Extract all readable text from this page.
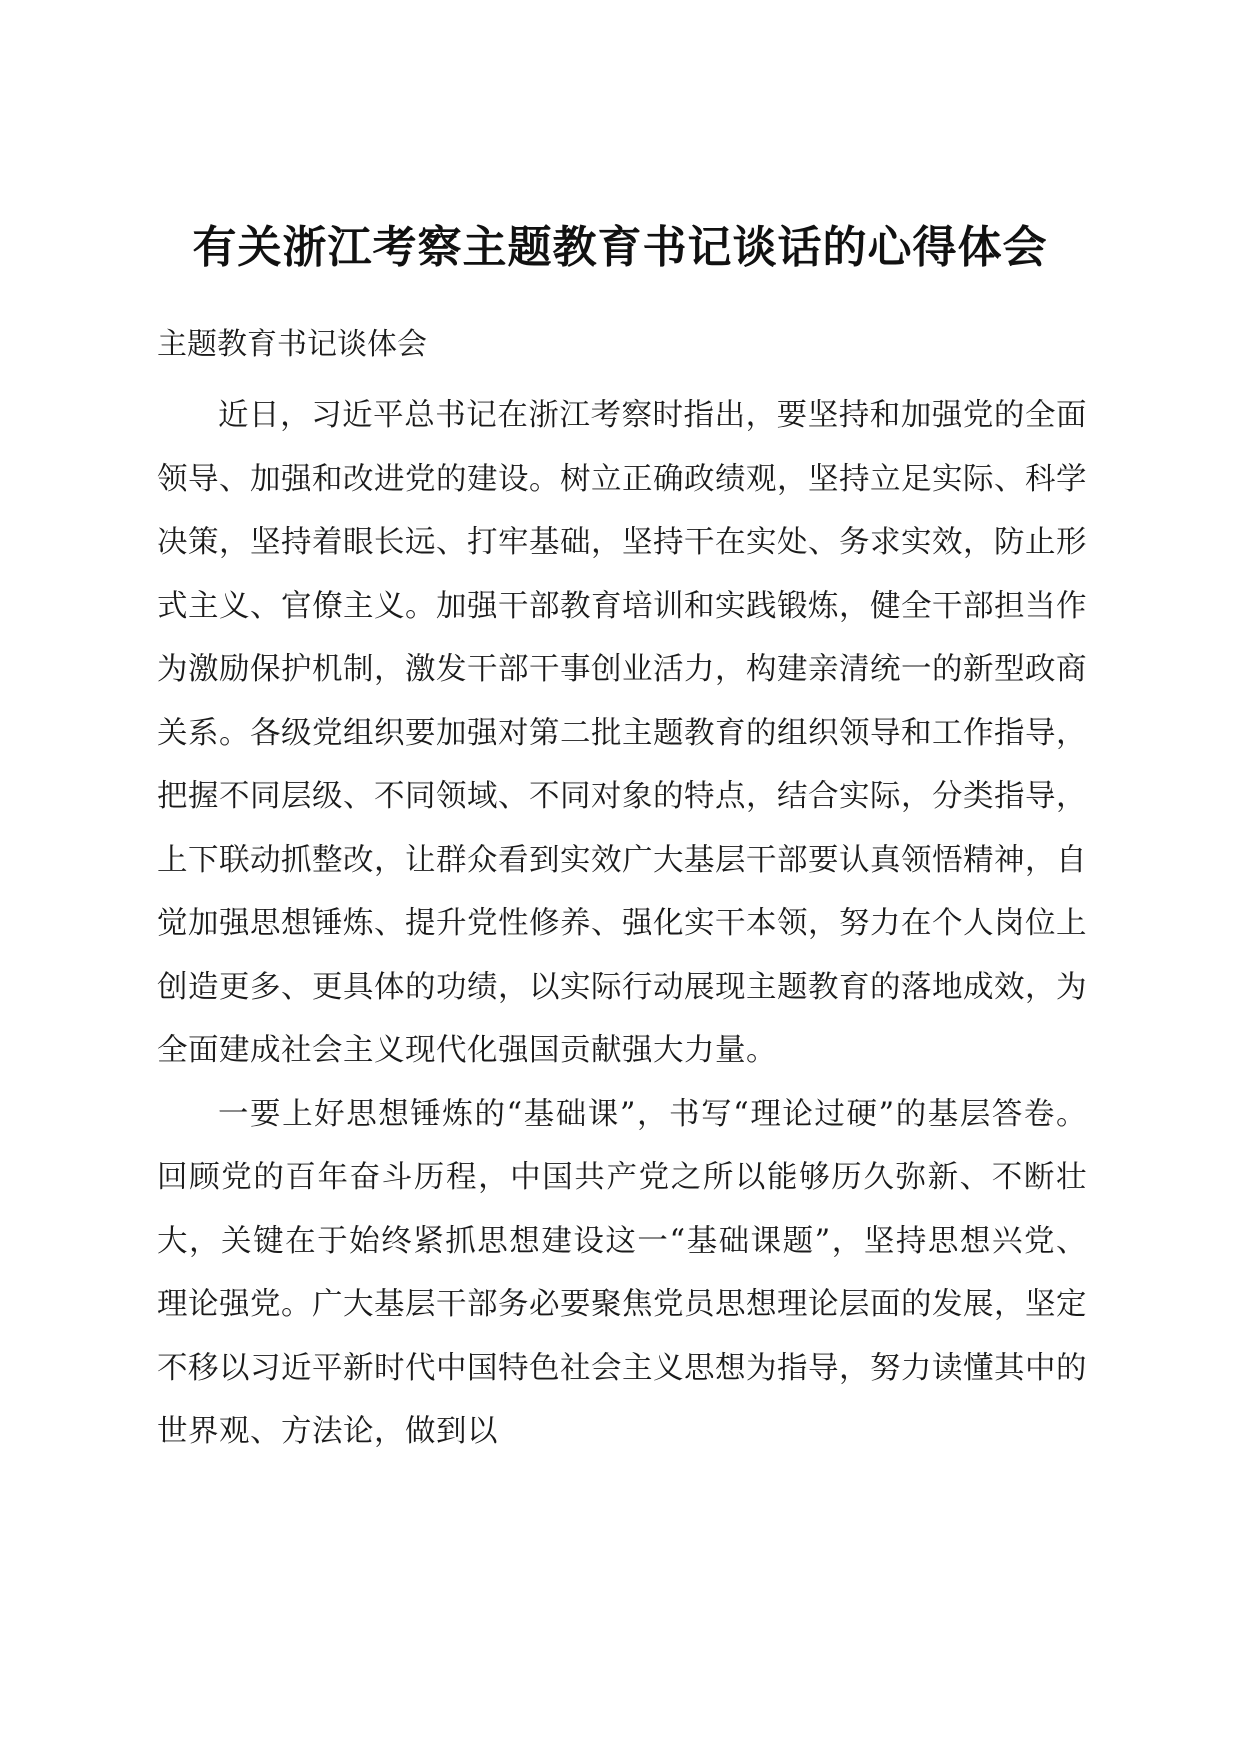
有关浙江考察主题教育书记谈话的心得体会

主题教育书记谈体会

近日，习近平总书记在浙江考察时指出，要坚持和加强党的全面领导、加强和改进党的建设。树立正确政绩观，坚持立足实际、科学决策，坚持着眼长远、打牢基础，坚持干在实处、务求实效，防止形式主义、官僚主义。加强干部教育培训和实践锻炼，健全干部担当作为激励保护机制，激发干部干事创业活力，构建亲清统一的新型政商关系。各级党组织要加强对第二批主题教育的组织领导和工作指导，把握不同层级、不同领域、不同对象的特点，结合实际，分类指导，上下联动抓整改，让群众看到实效广大基层干部要认真领悟精神，自觉加强思想锤炼、提升党性修养、强化实干本领，努力在个人岗位上创造更多、更具体的功绩，以实际行动展现主题教育的落地成效，为全面建成社会主义现代化强国贡献强大力量。

一要上好思想锤炼的“基础课”，书写“理论过硬”的基层答卷。回顾党的百年奋斗历程，中国共产党之所以能够历久弥新、不断壮大，关键在于始终紧抓思想建设这一“基础课题”，坚持思想兴党、理论强党。广大基层干部务必要聚焦党员思想理论层面的发展，坚定不移以习近平新时代中国特色社会主义思想为指导，努力读懂其中的世界观、方法论，做到以
